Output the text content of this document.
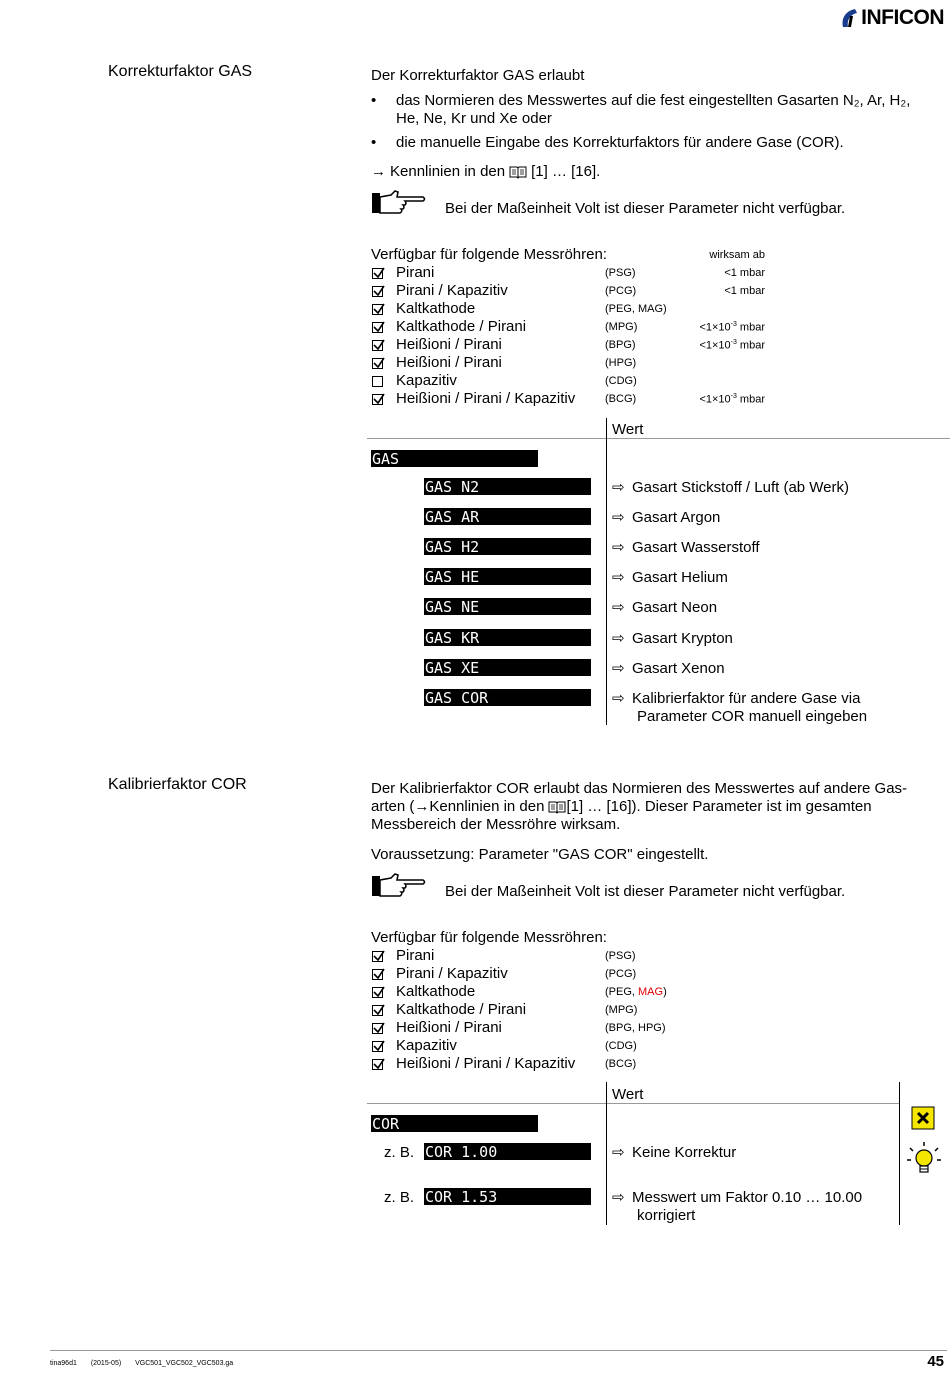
INFICON
Korrekturfaktor GAS	Der Korrekturfaktor GAS erlaubt
• das Normieren des Messwertes auf die fest eingestellten Gasarten N₂, Ar, H₂, He, Ne, Kr und Xe oder
• die manuelle Eingabe des Korrekturfaktors für andere Gase (COR).
→ Kennlinien in den [1] … [16].
Bei der Maßeinheit Volt ist dieser Parameter nicht verfügbar.
Verfügbar für folgende Messröhren:	wirksam ab
Pirani	(PSG)	<1 mbar
Pirani / Kapazitiv	(PCG)	<1 mbar
Kaltkathode	(PEG, MAG)
Kaltkathode / Pirani	(MPG)	$<1\times 10^{-3}$ mbar
Heißioni / Pirani	(BPG)	$<1\times 10^{-3}$ mbar
Heißioni / Pirani	(HPG)
Kapazitiv	(CDG)
Heißioni / Pirani / Kapazitiv	(BCG)	$<1\times 10^{-3}$ mbar
Wert
GAS
GAS N2	⇨ Gasart Stickstoff / Luft (ab Werk)
GAS AR	⇨ Gasart Argon
GAS H2	⇨ Gasart Wasserstoff
GAS HE	⇨ Gasart Helium
GAS NE	⇨ Gasart Neon
GAS KR	⇨ Gasart Krypton
GAS XE	⇨ Gasart Xenon
GAS COR	⇨ Kalibrierfaktor für andere Gase via
Parameter COR manuell eingeben
Kalibrierfaktor COR	Der Kalibrierfaktor COR erlaubt das Normieren des Messwertes auf andere Gas-
arten ( → Kennlinien in den [1] … [16]). Dieser Parameter ist im gesamten
Messbereich der Messröhre wirksam.
Voraussetzung: Parameter "GAS COR" eingestellt.
Bei der Maßeinheit Volt ist dieser Parameter nicht verfügbar.
Verfügbar für folgende Messröhren:
Pirani	(PSG)
Pirani / Kapazitiv	(PCG)
Kaltkathode	(PEG, MAG)
Kaltkathode / Pirani	(MPG)
Heißioni / Pirani	(BPG, HPG)
Kapazitiv	(CDG)
Heißioni / Pirani / Kapazitiv	(BCG)
Wert
COR
z. B. COR 1.00	⇨ Keine Korrektur
z. B. COR 1.53	⇨ Messwert um Faktor 0.10 … 10.00
korrigiert
tina96d1 (2015-05) VGC501_VGC502_VGC503.ga	45
